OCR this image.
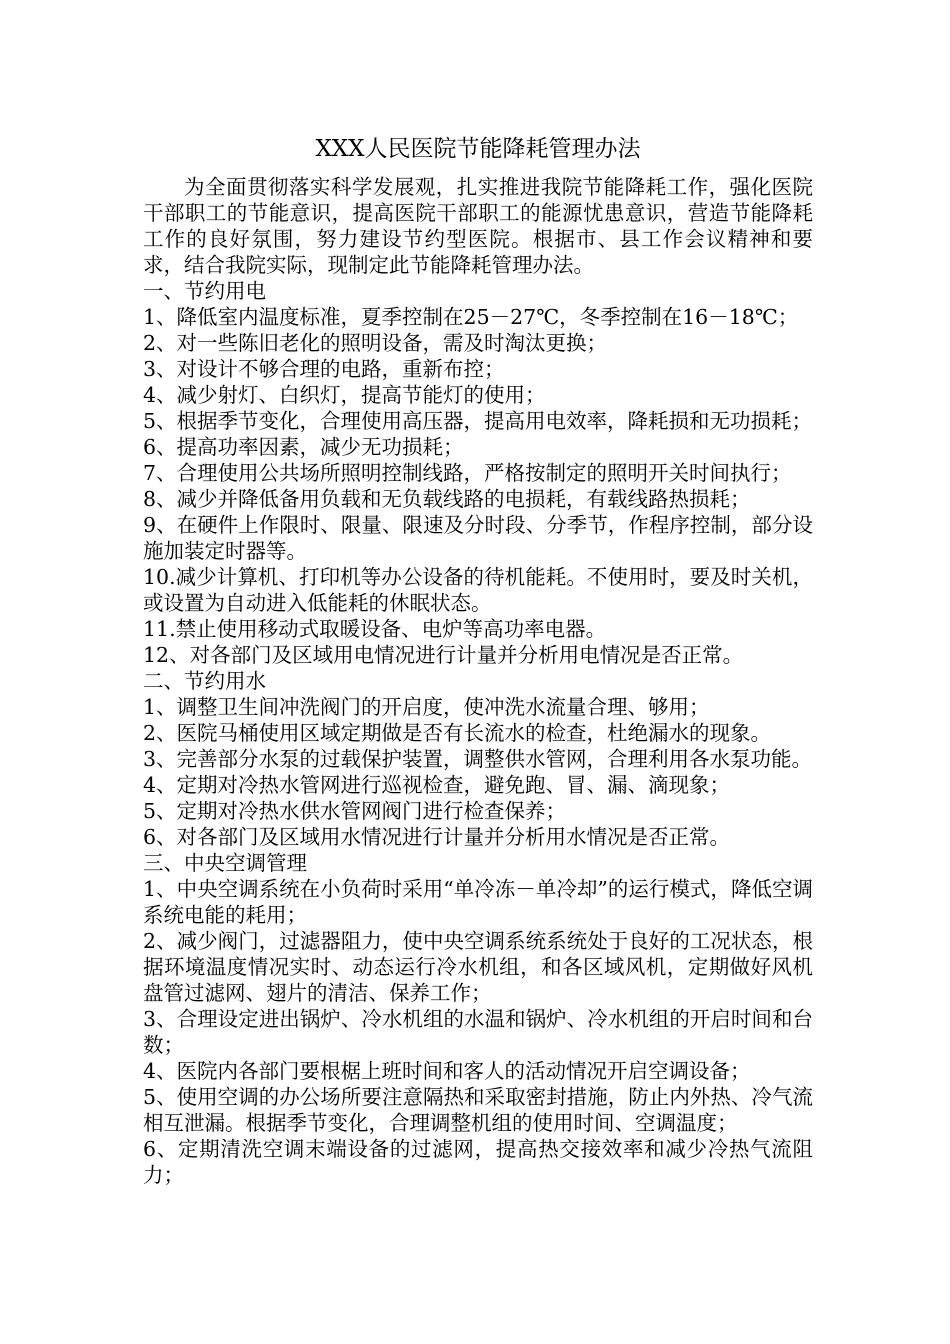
XXX人民医院节能降耗管理办法

为全面贯彻落实科学发展观，扎实推进我院节能降耗工作，强化医院干部职工的节能意识，提高医院干部职工的能源忧患意识，营造节能降耗工作的良好氛围，努力建设节约型医院。根据市、县工作会议精神和要求，结合我院实际，现制定此节能降耗管理办法。

一、节约用电

1、降低室内温度标准，夏季控制在25－27℃，冬季控制在16－18℃；

2、对一些陈旧老化的照明设备，需及时淘汰更换；

3、对设计不够合理的电路，重新布控；

4、减少射灯、白织灯，提高节能灯的使用；

5、根据季节变化，合理使用高压器，提高用电效率，降耗损和无功损耗；

6、提高功率因素，减少无功损耗；

7、合理使用公共场所照明控制线路，严格按制定的照明开关时间执行；

8、减少并降低备用负载和无负载线路的电损耗，有载线路热损耗；

9、在硬件上作限时、限量、限速及分时段、分季节，作程序控制，部分设施加装定时器等。

10.减少计算机、打印机等办公设备的待机能耗。不使用时，要及时关机，或设置为自动进入低能耗的休眠状态。

11.禁止使用移动式取暖设备、电炉等高功率电器。

12、对各部门及区域用电情况进行计量并分析用电情况是否正常。

二、节约用水

1、调整卫生间冲洗阀门的开启度，使冲洗水流量合理、够用；

2、医院马桶使用区域定期做是否有长流水的检查，杜绝漏水的现象。

3、完善部分水泵的过载保护装置，调整供水管网，合理利用各水泵功能。

4、定期对冷热水管网进行巡视检查，避免跑、冒、漏、滴现象；

5、定期对冷热水供水管网阀门进行检查保养；

6、对各部门及区域用水情况进行计量并分析用水情况是否正常。

三、中央空调管理

1、中央空调系统在小负荷时采用“单冷冻－单冷却”的运行模式，降低空调系统电能的耗用；

2、减少阀门，过滤器阻力，使中央空调系统系统处于良好的工况状态，根据环境温度情况实时、动态运行冷水机组，和各区域风机，定期做好风机盘管过滤网、翅片的清洁、保养工作；

3、合理设定进出锅炉、冷水机组的水温和锅炉、冷水机组的开启时间和台数；

4、医院内各部门要根椐上班时间和客人的活动情况开启空调设备；

5、使用空调的办公场所要注意隔热和采取密封措施，防止内外热、冷气流相互泄漏。根据季节变化，合理调整机组的使用时间、空调温度；

6、定期清洗空调末端设备的过滤网，提高热交接效率和减少冷热气流阻力；
